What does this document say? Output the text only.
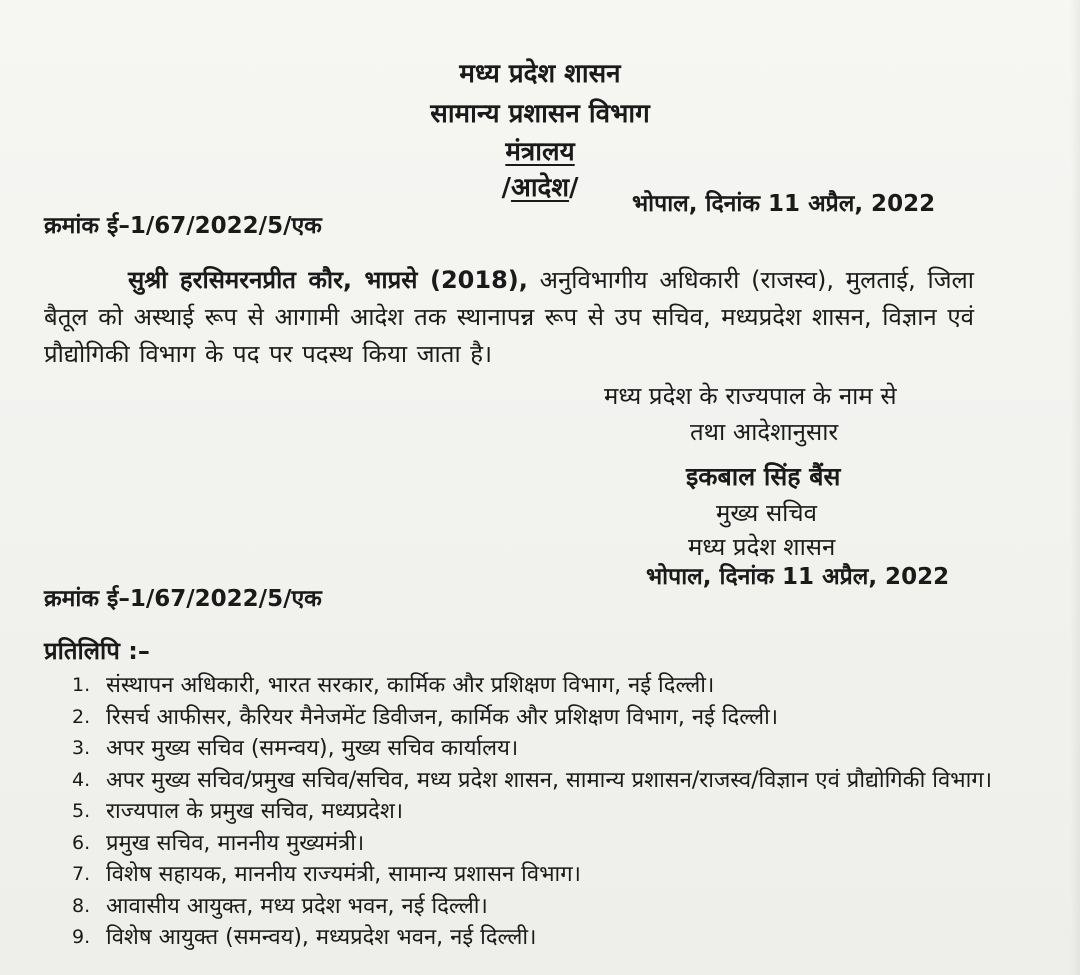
मध्य प्रदेश शासन
सामान्य प्रशासन विभाग
मंत्रालय
/आदेश/
क्रमांक ई–1/67/2022/5/एक
भोपाल, दिनांक 11 अप्रैल, 2022
सुश्री हरसिमरनप्रीत कौर, भाप्रसे (2018), अनुविभागीय अधिकारी (राजस्व), मुलताई, जिला बैतूल को अस्थाई रूप से आगामी आदेश तक स्थानापन्न रूप से उप सचिव, मध्यप्रदेश शासन, विज्ञान एवं प्रौद्योगिकी विभाग के पद पर पदस्थ किया जाता है।
मध्य प्रदेश के राज्यपाल के नाम से
तथा आदेशानुसार
इकबाल सिंह बैंस
मुख्य सचिव
मध्य प्रदेश शासन
क्रमांक ई–1/67/2022/5/एक
भोपाल, दिनांक 11 अप्रैल, 2022
प्रतिलिपि :–
1. संस्थापन अधिकारी, भारत सरकार, कार्मिक और प्रशिक्षण विभाग, नई दिल्ली।
2. रिसर्च आफीसर, कैरियर मैनेजमेंट डिवीजन, कार्मिक और प्रशिक्षण विभाग, नई दिल्ली।
3. अपर मुख्य सचिव (समन्वय), मुख्य सचिव कार्यालय।
4. अपर मुख्य सचिव/प्रमुख सचिव/सचिव, मध्य प्रदेश शासन, सामान्य प्रशासन/राजस्व/विज्ञान एवं प्रौद्योगिकी विभाग।
5. राज्यपाल के प्रमुख सचिव, मध्यप्रदेश।
6. प्रमुख सचिव, माननीय मुख्यमंत्री।
7. विशेष सहायक, माननीय राज्यमंत्री, सामान्य प्रशासन विभाग।
8. आवासीय आयुक्त, मध्य प्रदेश भवन, नई दिल्ली।
9. विशेष आयुक्त (समन्वय), मध्यप्रदेश भवन, नई दिल्ली।
